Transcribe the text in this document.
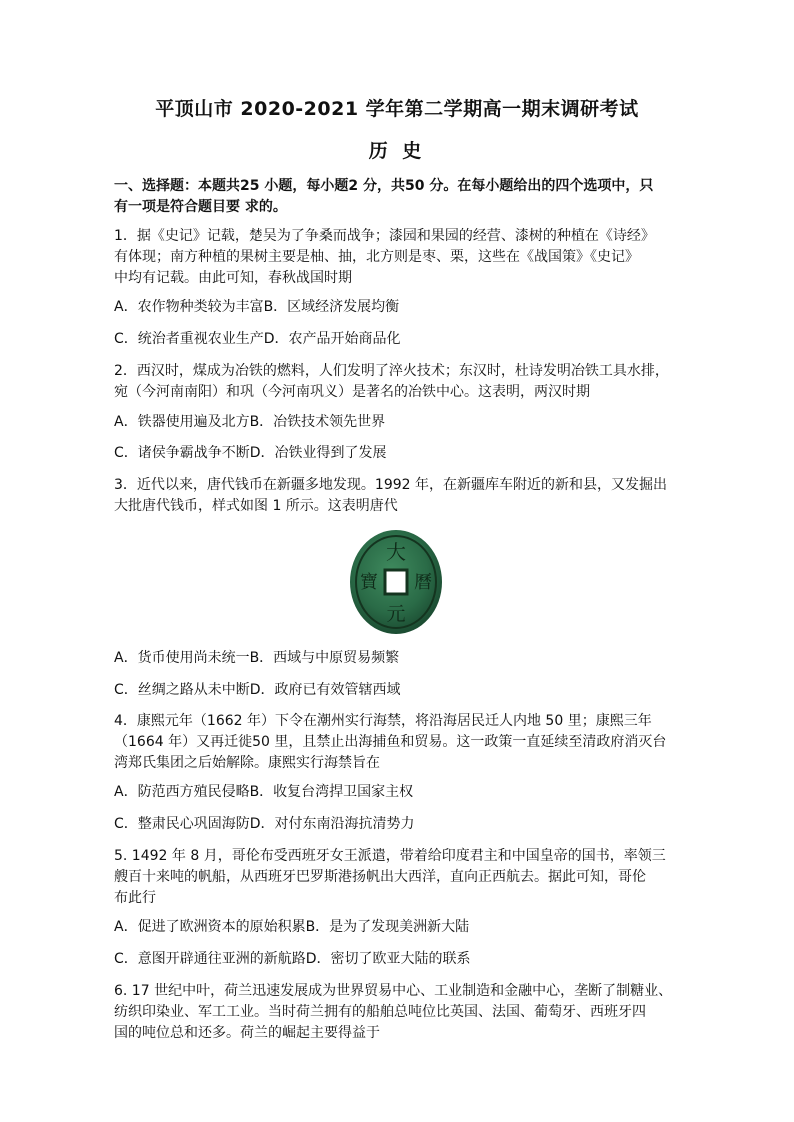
平顶山市 2020-2021 学年第二学期高一期末调研考试
历 史
一、选择题：本题共25 小题，每小题2 分，共50 分。在每小题给出的四个选项中，只
有一项是符合题目要 求的。
1．据《史记》记载，楚吴为了争桑而战争；漆园和果园的经营、漆树的种植在《诗经》
有体现；南方种植的果树主要是柚、抽，北方则是枣、栗，这些在《战国策》《史记》
中均有记载。由此可知，春秋战国时期
A．农作物种类较为丰富B．区域经济发展均衡
C．统治者重视农业生产D．农产品开始商品化
2．西汉时，煤成为冶铁的燃料，人们发明了淬火技术；东汉时，杜诗发明冶铁工具水排，
宛（今河南南阳）和巩（今河南巩义）是著名的冶铁中心。这表明，两汉时期
A．铁器使用遍及北方B．冶铁技术领先世界
C．诸侯争霸战争不断D．冶铁业得到了发展
3．近代以来，唐代钱币在新疆多地发现。1992 年，在新疆库车附近的新和县，又发掘出
大批唐代钱币，样式如图 1 所示。这表明唐代
大
曆
元
寶
A．货币使用尚未统一B．西域与中原贸易频繁
C．丝绸之路从未中断D．政府已有效管辖西域
4．康熙元年（1662 年）下令在潮州实行海禁，将沿海居民迁人内地 50 里；康熙三年
（1664 年）又再迁徙50 里，且禁止出海捕鱼和贸易。这一政策一直延续至清政府消灭台
湾郑氏集团之后始解除。康熙实行海禁旨在
A．防范西方殖民侵略B．收复台湾捍卫国家主权
C．整肃民心巩固海防D．对付东南沿海抗清势力
5. 1492 年 8 月，哥伦布受西班牙女王派遣，带着给印度君主和中国皇帝的国书，率领三
艘百十来吨的帆船，从西班牙巴罗斯港扬帆出大西洋，直向正西航去。据此可知，哥伦
布此行
A．促进了欧洲资本的原始积累B．是为了发现美洲新大陆
C．意图开辟通往亚洲的新航路D．密切了欧亚大陆的联系
6. 17 世纪中叶，荷兰迅速发展成为世界贸易中心、工业制造和金融中心，垄断了制糖业、
纺织印染业、军工工业。当时荷兰拥有的船舶总吨位比英国、法国、葡萄牙、西班牙四
国的吨位总和还多。荷兰的崛起主要得益于
